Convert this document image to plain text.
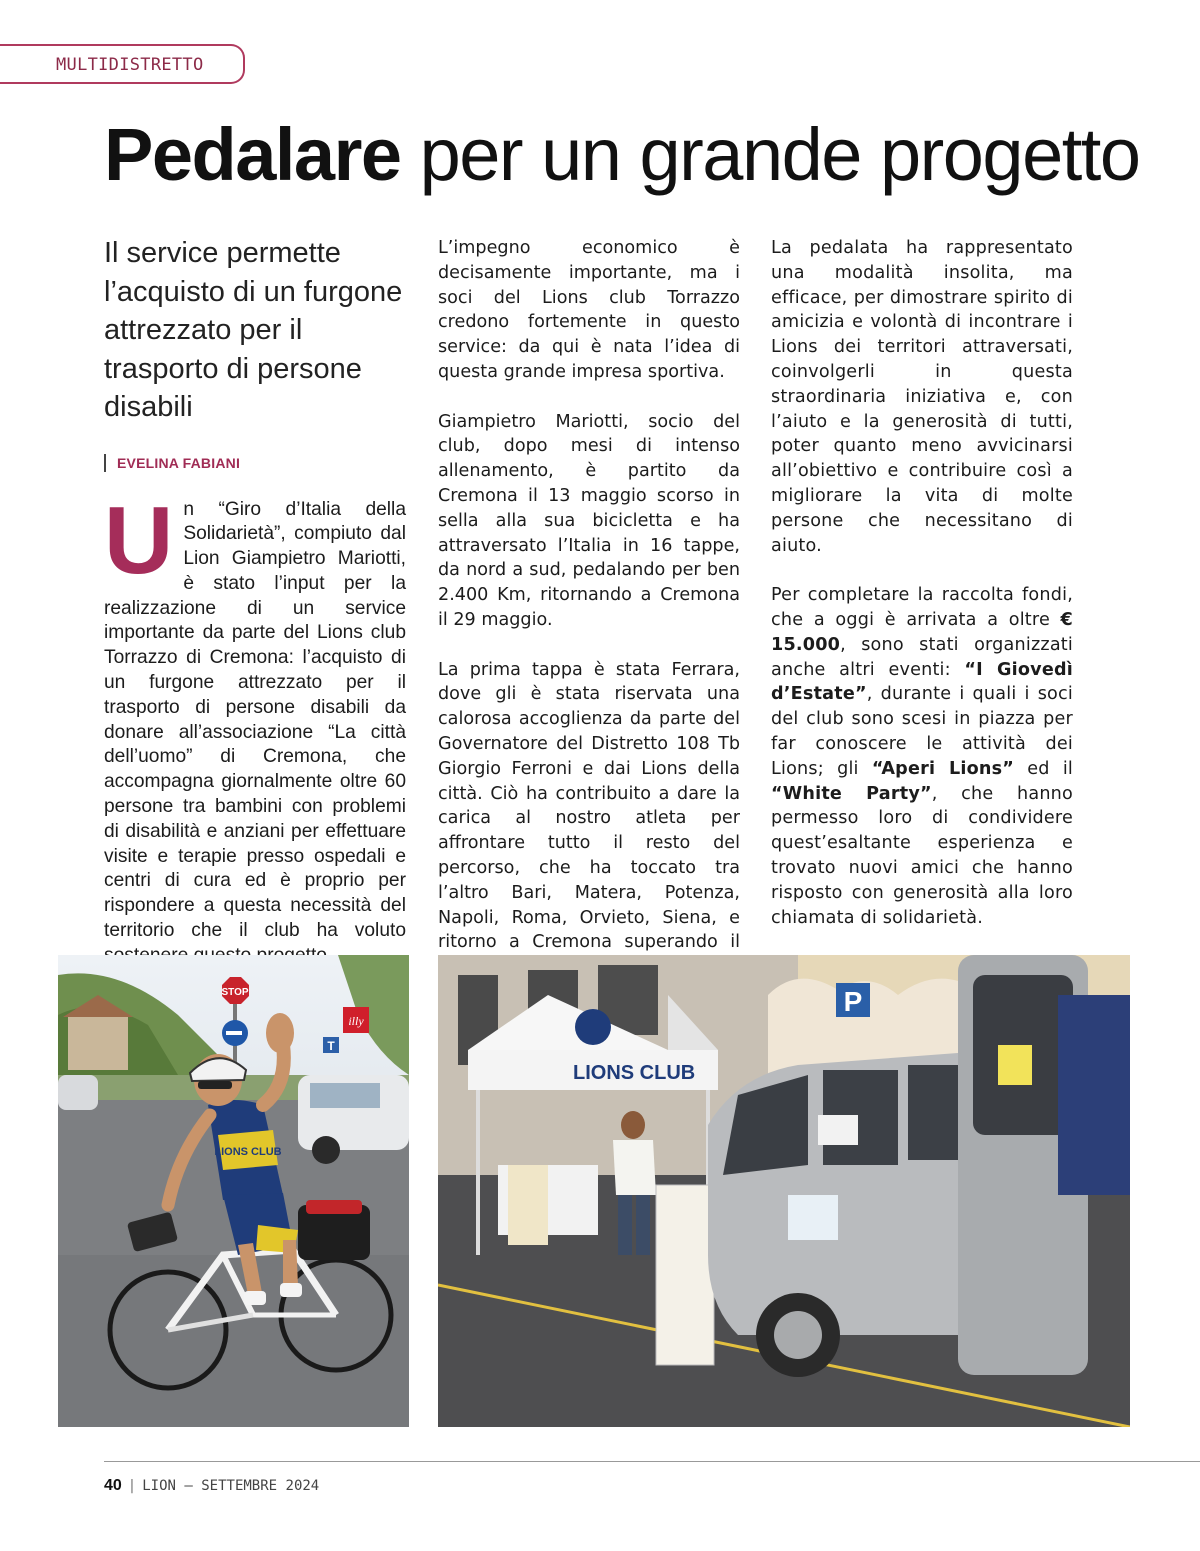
MULTIDISTRETTO
Pedalare per un grande progetto

Il service permette l’acquisto di un furgone attrezzato per il trasporto di persone disabili

EVELINA FABIANI

Un “Giro d’Italia della Solidarietà”, compiuto dal Lion Giampietro Mariotti, è stato l’input per la realizzazione di un service importante da parte del Lions club Torrazzo di Cremona: l’acquisto di un furgone attrezzato per il trasporto di persone disabili da donare all’associazione “La città dell’uomo” di Cremona, che accompagna giornalmente oltre 60 persone tra bambini con problemi di disabilità e anziani per effettuare visite e terapie presso ospedali e centri di cura ed è proprio per rispondere a questa necessità del territorio che il club ha voluto

L’impegno economico è decisamente importante, ma i soci del Lions club Torrazzo credono fortemente in questo service: da qui è nata l’idea di questa grande impresa sportiva.

Giampietro Mariotti, socio del club, dopo mesi di intenso allenamento, è partito da Cremona il 13 maggio scorso in sella alla sua bicicletta e ha attraversato l’Italia in 16 tappe, da nord a sud, pedalando per ben 2.400 Km, ritornando a Cremona il 29 maggio.

La prima tappa è stata Ferrara, dove gli è stata riservata una calorosa accoglienza da parte del Governatore del Distretto 108 Tb Giorgio Ferroni e dai Lions della città. Ciò ha contribuito a dare la carica al nostro atleta per affrontare tutto il resto del percorso, che ha toccato tra l’altro Bari, Matera, Potenza, Napoli, Roma, Orvieto, Siena, e ritorno a Cremona superando il

La pedalata ha rappresentato una modalità insolita, ma efficace, per dimostrare spirito di amicizia e volontà di incontrare i Lions dei territori attraversati, coinvolgerli in questa straordinaria iniziativa e, con l’aiuto e la generosità di tutti, poter quanto meno avvicinarsi all’obiettivo e contribuire così a migliorare la vita di molte persone che necessitano di aiuto.

Per completare la raccolta fondi, che a oggi è arrivata a oltre € 15.000, sono stati organizzati anche altri eventi: “I Giovedì d’Estate”, durante i quali i soci del club sono scesi in piazza per far conoscere le attività dei Lions; gli “Aperi Lions” ed il “White Party”, che hanno permesso loro di condividere quest’esaltante esperienza e trovato nuovi amici che hanno risposto con generosità alla loro chiamata di solidarietà.

STOP
illy
T
LIONS CLUB
P
LIONS CLUB
40 | LION – SETTEMBRE 2024
